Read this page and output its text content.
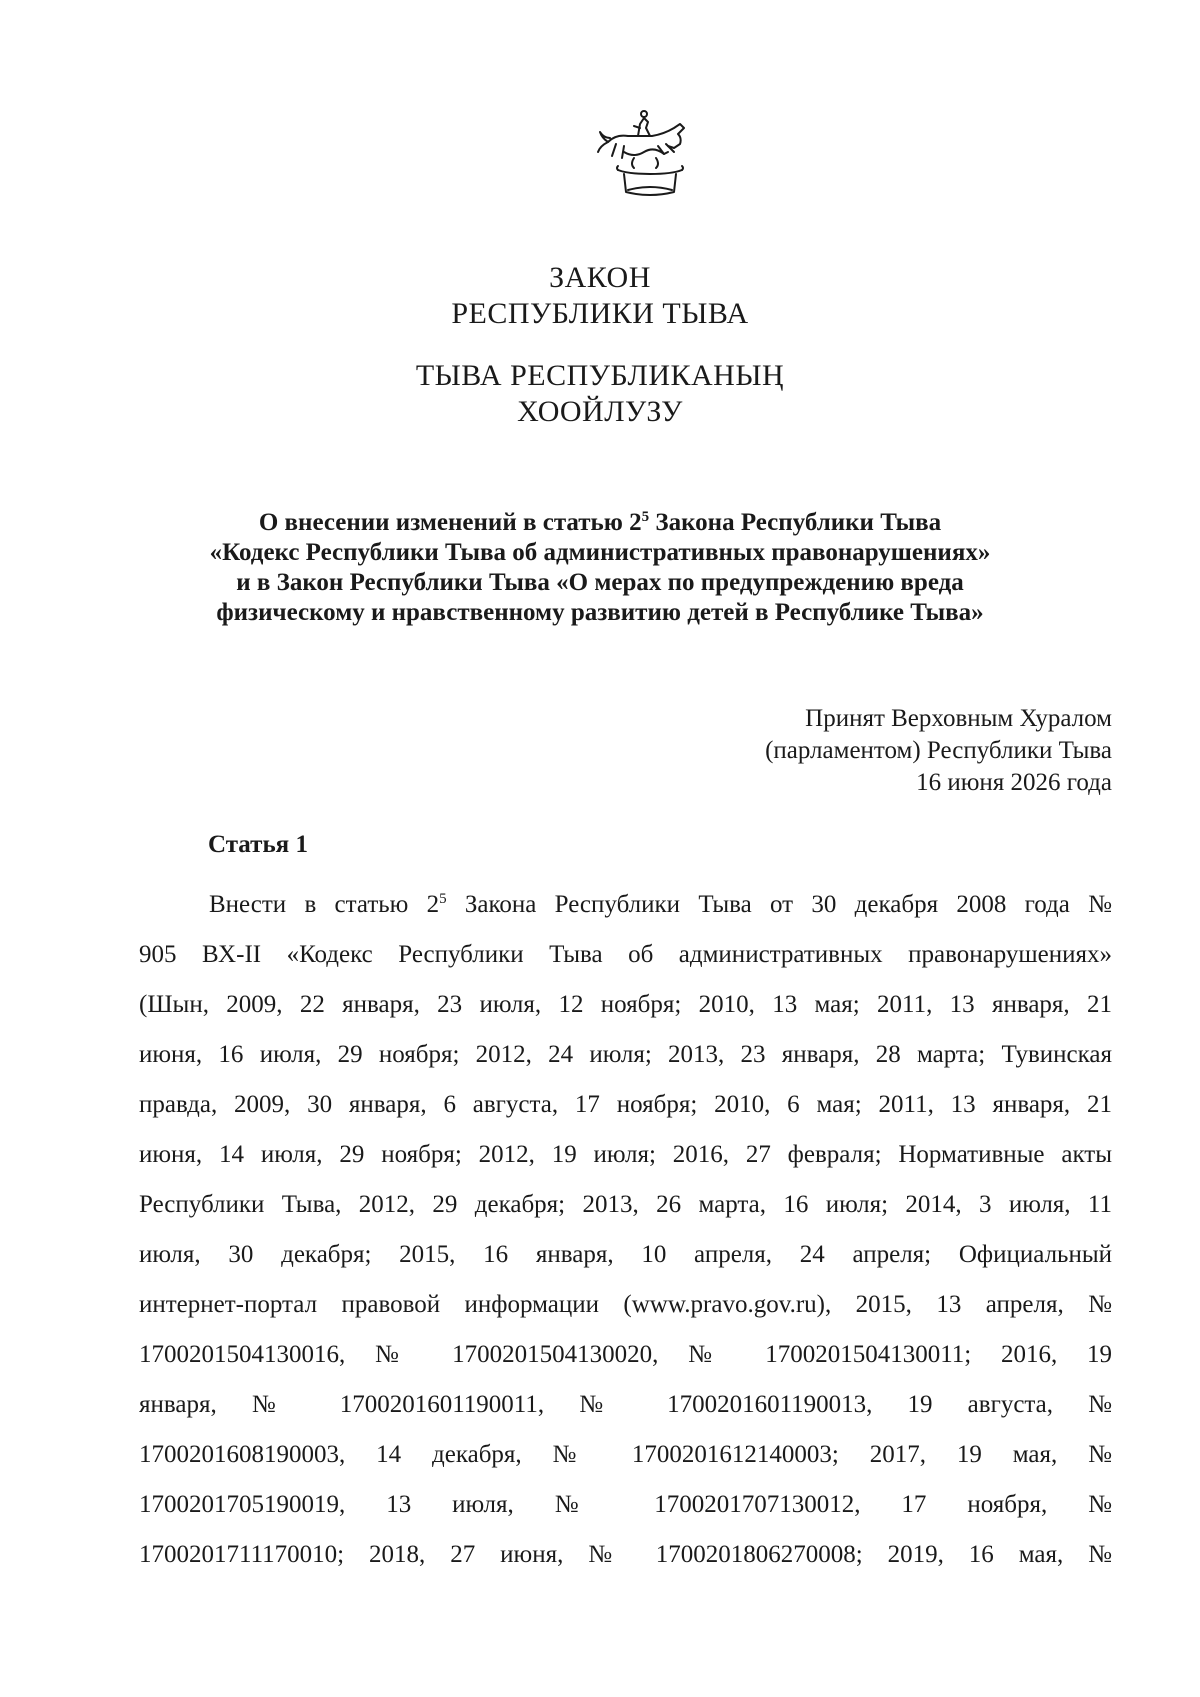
ЗАКОН
РЕСПУБЛИКИ ТЫВА
ТЫВА РЕСПУБЛИКАНЫҢ
ХООЙЛУЗУ
О внесении изменений в статью $2^5$ Закона Республики Тыва
«Кодекс Республики Тыва об административных правонарушениях»
и в Закон Республики Тыва «О мерах по предупреждению вреда
физическому и нравственному развитию детей в Республике Тыва»
Принят Верховным Хуралом
(парламентом) Республики Тыва
16 июня 2026 года
Статья 1
Внести в статью $2^5$ Закона Республики Тыва от 30 декабря 2008 года №
905 ВХ-II «Кодекс Республики Тыва об административных правонарушениях»
(Шын, 2009, 22 января, 23 июля, 12 ноября; 2010, 13 мая; 2011, 13 января, 21
июня, 16 июля, 29 ноября; 2012, 24 июля; 2013, 23 января, 28 марта; Тувинская
правда, 2009, 30 января, 6 августа, 17 ноября; 2010, 6 мая; 2011, 13 января, 21
июня, 14 июля, 29 ноября; 2012, 19 июля; 2016, 27 февраля; Нормативные акты
Республики Тыва, 2012, 29 декабря; 2013, 26 марта, 16 июля; 2014, 3 июля, 11
июля, 30 декабря; 2015, 16 января, 10 апреля, 24 апреля; Официальный
интернет-портал правовой информации (www.pravo.gov.ru), 2015, 13 апреля, №
1700201504130016, № 1700201504130020, № 1700201504130011; 2016, 19
января, № 1700201601190011, № 1700201601190013, 19 августа, №
1700201608190003, 14 декабря, № 1700201612140003; 2017, 19 мая, №
1700201705190019, 13 июля, № 1700201707130012, 17 ноября, №
1700201711170010; 2018, 27 июня, № 1700201806270008; 2019, 16 мая, №
